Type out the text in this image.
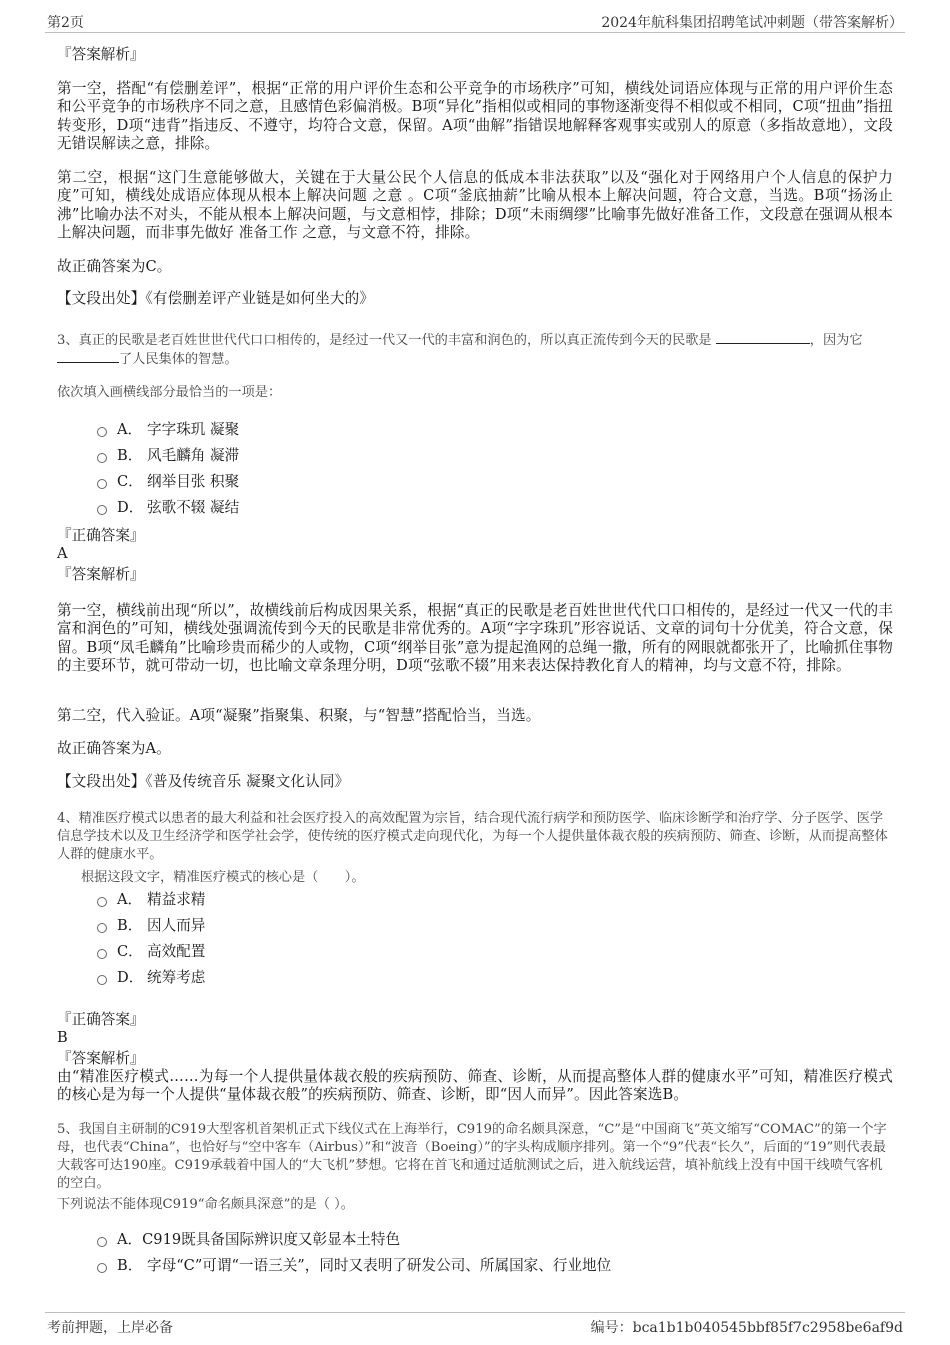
第2页	2024年航科集团招聘笔试冲刺题（带答案解析）

『答案解析』

第一空，搭配“有偿删差评”，根据“正常的用户评价生态和公平竞争的市场秩序”可知，横线处词语应体现与正常的用户评价生态和公平竞争的市场秩序不同之意，且感情色彩偏消极。B项“异化”指相似或相同的事物逐渐变得不相似或不相同，C项“扭曲”指扭转变形，D项“违背”指违反、不遵守，均符合文意，保留。A项“曲解”指错误地解释客观事实或别人的原意（多指故意地），文段无错误解读之意，排除。

第二空，根据“这门生意能够做大，关键在于大量公民个人信息的低成本非法获取”以及“强化对于网络用户个人信息的保护力度”可知，横线处成语应体现从根本上解决问题 之意 。C项“釜底抽薪”比喻从根本上解决问题，符合文意，当选。B项“扬汤止沸”比喻办法不对头，不能从根本上解决问题，与文意相悖，排除；D项“未雨绸缪”比喻事先做好准备工作，文段意在强调从根本上解决问题，而非事先做好 准备工作 之意，与文意不符，排除。

故正确答案为C。

【文段出处】《有偿删差评产业链是如何坐大的》

3、真正的民歌是老百姓世世代代口口相传的，是经过一代又一代的丰富和润色的，所以真正流传到今天的民歌是	，因为它
了人民集体的智慧。

依次填入画横线部分最恰当的一项是：

A． 字字珠玑 凝聚
B． 风毛麟角 凝滞
C． 纲举目张 积聚
D． 弦歌不辍 凝结

『正确答案』

A

『答案解析』

第一空，横线前出现“所以”，故横线前后构成因果关系，根据“真正的民歌是老百姓世世代代口口相传的，是经过一代又一代的丰富和润色的”可知，横线处强调流传到今天的民歌是非常优秀的。A项“字字珠玑”形容说话、文章的词句十分优美，符合文意，保留。B项“凤毛麟角”比喻珍贵而稀少的人或物，C项“纲举目张”意为提起渔网的总绳一撒，所有的网眼就都张开了，比喻抓住事物的主要环节，就可带动一切，也比喻文章条理分明，D项“弦歌不辍”用来表达保持教化育人的精神，均与文意不符，排除。

第二空，代入验证。A项“凝聚”指聚集、积聚，与“智慧”搭配恰当，当选。

故正确答案为A。

【文段出处】《普及传统音乐 凝聚文化认同》

4、精准医疗模式以患者的最大利益和社会医疗投入的高效配置为宗旨，结合现代流行病学和预防医学、临床诊断学和治疗学、分子医学、医学信息学技术以及卫生经济学和医学社会学，使传统的医疗模式走向现代化，为每一个人提供量体裁衣般的疾病预防、筛查、诊断，从而提高整体人群的健康水平。

根据这段文字，精准医疗模式的核心是（　　）。

A． 精益求精
B． 因人而异
C． 高效配置
D． 统筹考虑

『正确答案』

B

『答案解析』

由“精准医疗模式……为每一个人提供量体裁衣般的疾病预防、筛查、诊断，从而提高整体人群的健康水平”可知，精准医疗模式的核心是为每一个人提供“量体裁衣般”的疾病预防、筛查、诊断，即“因人而异”。因此答案选B。

5、我国自主研制的C919大型客机首架机正式下线仪式在上海举行，C919的命名颇具深意，“C”是“中国商飞”英文缩写“COMAC”的第一个字母，也代表“China”，也恰好与“空中客车（Airbus）”和“波音（Boeing）”的字头构成顺序排列。第一个“9”代表“长久”，后面的“19”则代表最大载客可达190座。C919承载着中国人的“大飞机”梦想。它将在首飞和通过适航测试之后，进入航线运营，填补航线上没有中国干线喷气客机的空白。

下列说法不能体现C919“命名颇具深意”的是（ ）。

A．C919既具备国际辨识度又彰显本土特色
B． 字母“C”可谓“一语三关”，同时又表明了研发公司、所属国家、行业地位
考前押题，上岸必备	编号：bca1b1b040545bbf85f7c2958be6af9d
